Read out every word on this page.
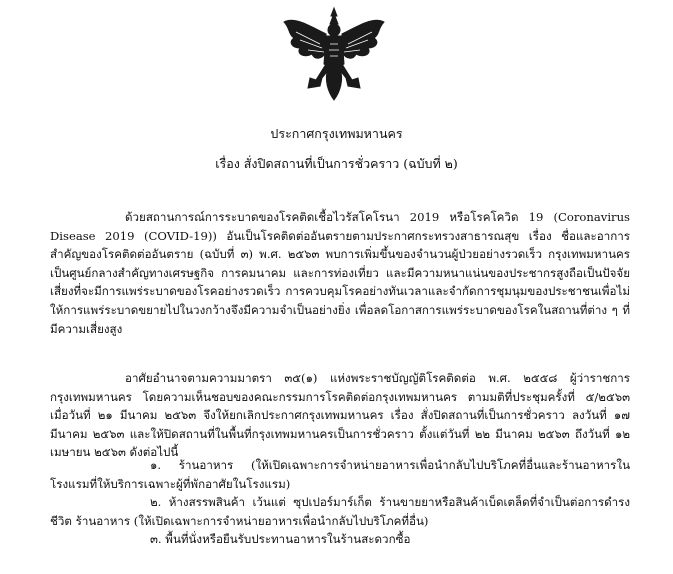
ประกาศกรุงเทพมหานคร
เรื่อง สั่งปิดสถานที่เป็นการชั่วคราว (ฉบับที่ ๒)

ด้วยสถานการณ์การระบาดของโรคติดเชื้อไวรัสโคโรนา 2019 หรือโรคโควิด 19 (Coronavirus Disease 2019 (COVID-19)) อันเป็นโรคติดต่ออันตรายตามประกาศกระทรวงสาธารณสุข เรื่อง ชื่อและอาการสำคัญของโรคติดต่ออันตราย (ฉบับที่ ๓) พ.ศ. ๒๕๖๓ พบการเพิ่มขึ้นของจำนวนผู้ป่วยอย่างรวดเร็ว กรุงเทพมหานครเป็นศูนย์กลางสำคัญทางเศรษฐกิจ การคมนาคม และการท่องเที่ยว และมีความหนาแน่นของประชากรสูงถือเป็นปัจจัยเสี่ยงที่จะมีการแพร่ระบาดของโรคอย่างรวดเร็ว การควบคุมโรคอย่างทันเวลาและจำกัดการชุมนุมของประชาชนเพื่อไม่ให้การแพร่ระบาดขยายไปในวงกว้างจึงมีความจำเป็นอย่างยิ่ง เพื่อลดโอกาสการแพร่ระบาดของโรคในสถานที่ต่าง ๆ ที่มีความเสี่ยงสูง

อาศัยอำนาจตามความมาตรา ๓๕(๑) แห่งพระราชบัญญัติโรคติดต่อ พ.ศ. ๒๕๕๘ ผู้ว่าราชการกรุงเทพมหานคร โดยความเห็นชอบของคณะกรรมการโรคติดต่อกรุงเทพมหานคร ตามมติที่ประชุมครั้งที่ ๕/๒๕๖๓ เมื่อวันที่ ๒๑ มีนาคม ๒๕๖๓ จึงให้ยกเลิกประกาศกรุงเทพมหานคร เรื่อง สั่งปิดสถานที่เป็นการชั่วคราว ลงวันที่ ๑๗ มีนาคม ๒๕๖๓ และให้ปิดสถานที่ในพื้นที่กรุงเทพมหานครเป็นการชั่วคราว ตั้งแต่วันที่ ๒๒ มีนาคม ๒๕๖๓ ถึงวันที่ ๑๒ เมษายน ๒๕๖๓ ดังต่อไปนี้

๑. ร้านอาหาร (ให้เปิดเฉพาะการจำหน่ายอาหารเพื่อนำกลับไปบริโภคที่อื่นและร้านอาหารในโรงแรมที่ให้บริการเฉพาะผู้ที่พักอาศัยในโรงแรม)

๒. ห้างสรรพสินค้า เว้นแต่ ซุปเปอร์มาร์เก็ต ร้านขายยาหรือสินค้าเบ็ดเตล็ดที่จำเป็นต่อการดำรงชีวิต ร้านอาหาร (ให้เปิดเฉพาะการจำหน่ายอาหารเพื่อนำกลับไปบริโภคที่อื่น)

๓. พื้นที่นั่งหรือยืนรับประทานอาหารในร้านสะดวกซื้อ
